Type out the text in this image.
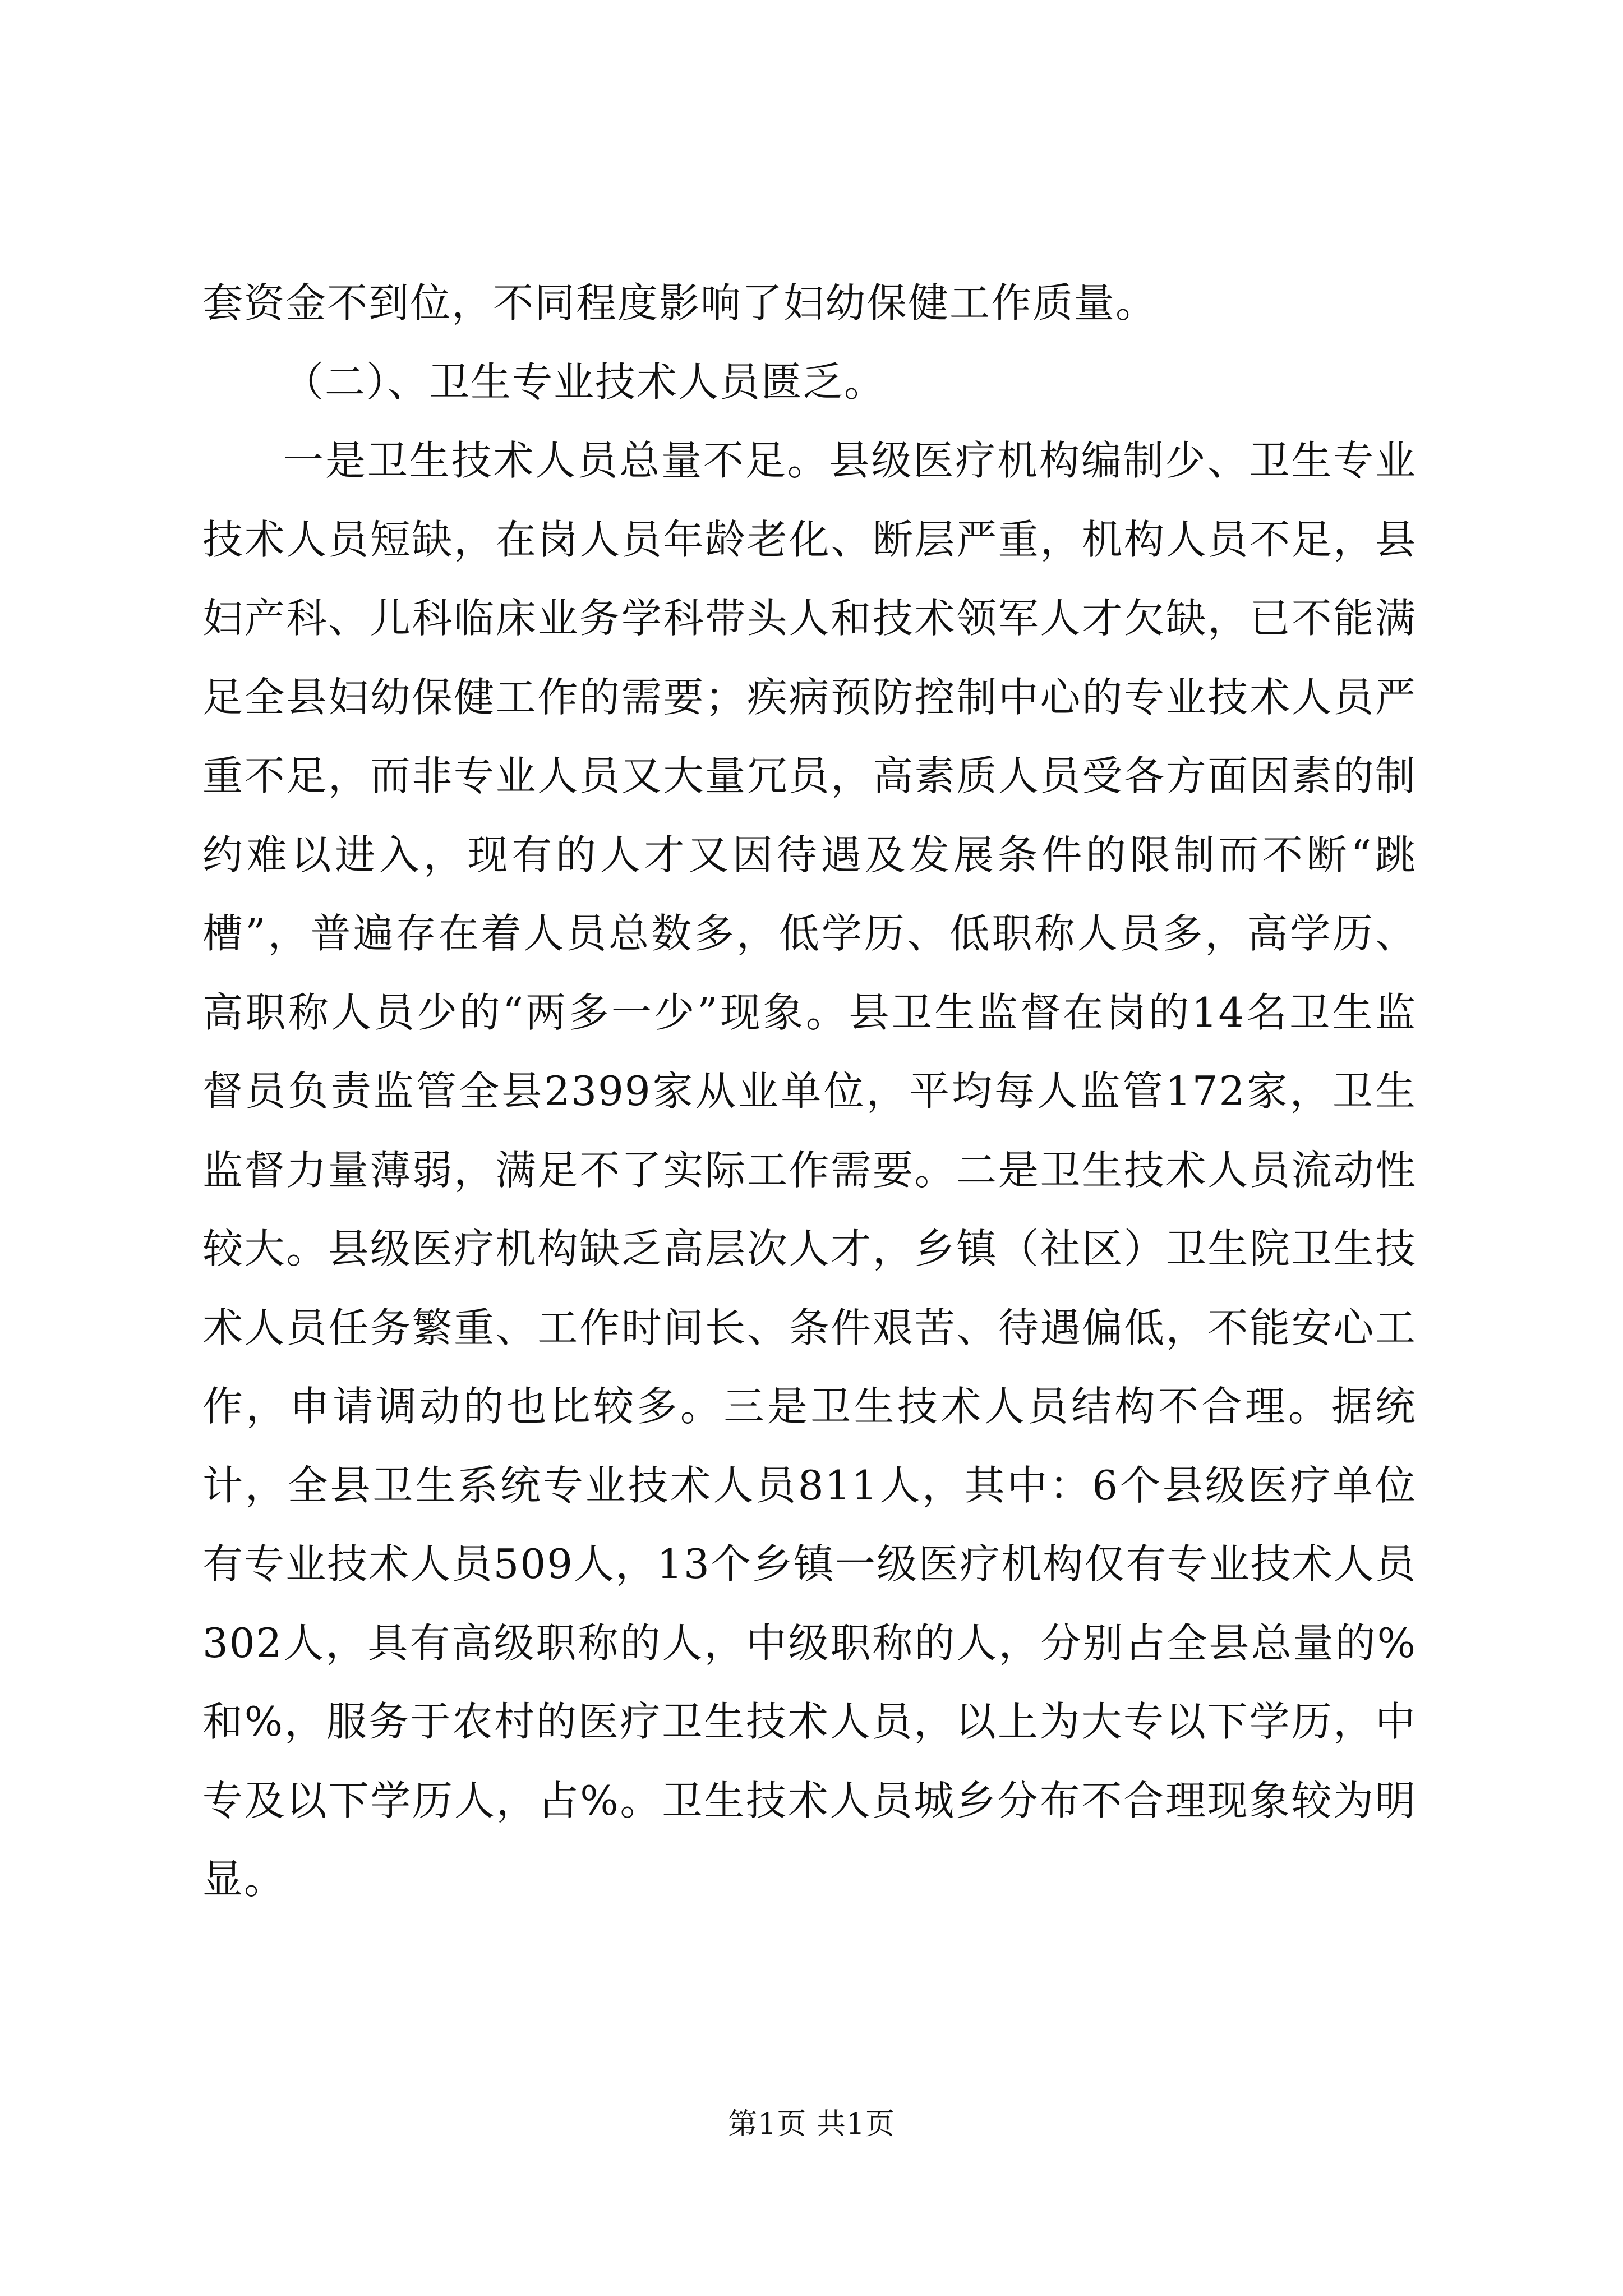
套资金不到位，不同程度影响了妇幼保健工作质量。

（二）、卫生专业技术人员匮乏。

一是卫生技术人员总量不足。县级医疗机构编制少、卫生专业技术人员短缺，在岗人员年龄老化、断层严重，机构人员不足，县妇产科、儿科临床业务学科带头人和技术领军人才欠缺，已不能满足全县妇幼保健工作的需要；疾病预防控制中心的专业技术人员严重不足，而非专业人员又大量冗员，高素质人员受各方面因素的制约难以进入，现有的人才又因待遇及发展条件的限制而不断“跳槽”，普遍存在着人员总数多，低学历、低职称人员多，高学历、高职称人员少的“两多一少”现象。县卫生监督在岗的14名卫生监督员负责监管全县2399家从业单位，平均每人监管172家，卫生监督力量薄弱，满足不了实际工作需要。二是卫生技术人员流动性较大。县级医疗机构缺乏高层次人才，乡镇（社区）卫生院卫生技术人员任务繁重、工作时间长、条件艰苦、待遇偏低，不能安心工作，申请调动的也比较多。三是卫生技术人员结构不合理。据统计，全县卫生系统专业技术人员811人，其中：6个县级医疗单位有专业技术人员509人，13个乡镇一级医疗机构仅有专业技术人员302人，具有高级职称的人，中级职称的人，分别占全县总量的%和%，服务于农村的医疗卫生技术人员，以上为大专以下学历，中专及以下学历人，占%。卫生技术人员城乡分布不合理现象较为明显。

第1页 共1页
